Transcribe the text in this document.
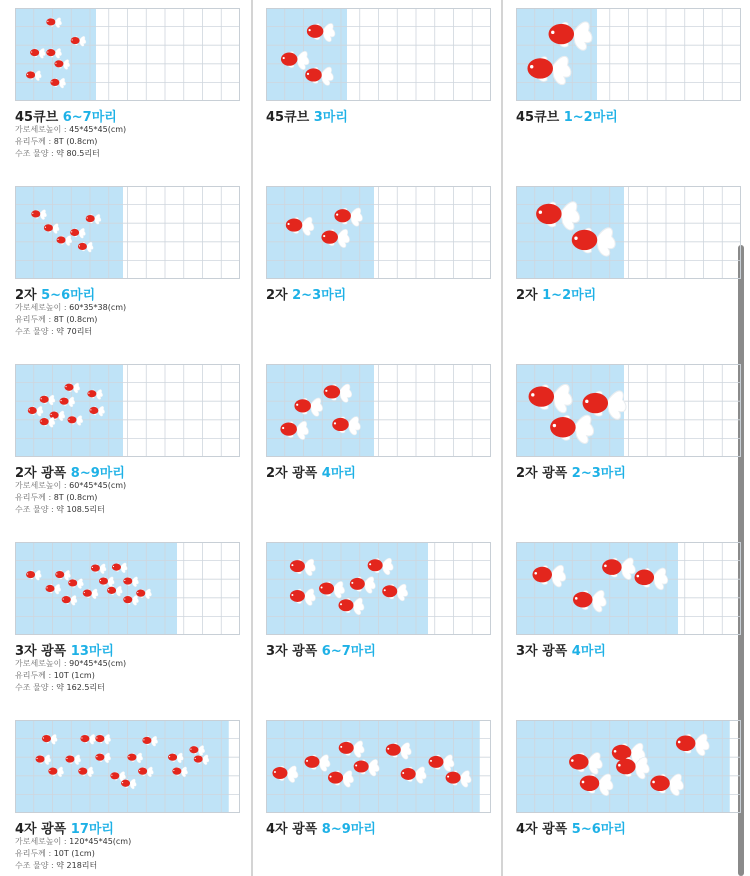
45큐브 6~7마리
가로세로높이 : 45*45*45(cm)
유리두께 : 8T (0.8cm)
수조 물양 : 약 80.5리터
45큐브 3마리	45큐브 1~2마리
2자 5~6마리
가로세로높이 : 60*35*38(cm)
유리두께 : 8T (0.8cm)
수조 물양 : 약 70리터
2자 2~3마리	2자 1~2마리
2자 광폭 8~9마리
가로세로높이 : 60*45*45(cm)
유리두께 : 8T (0.8cm)
수조 물양 : 약 108.5리터
2자 광폭 4마리	2자 광폭 2~3마리
3자 광폭 13마리
가로세로높이 : 90*45*45(cm)
유리두께 : 10T (1cm)
수조 물양 : 약 162.5리터
3자 광폭 6~7마리	3자 광폭 4마리
4자 광폭 17마리
가로세로높이 : 120*45*45(cm)
유리두께 : 10T (1cm)
수조 물양 : 약 218리터
4자 광폭 8~9마리	4자 광폭 5~6마리
